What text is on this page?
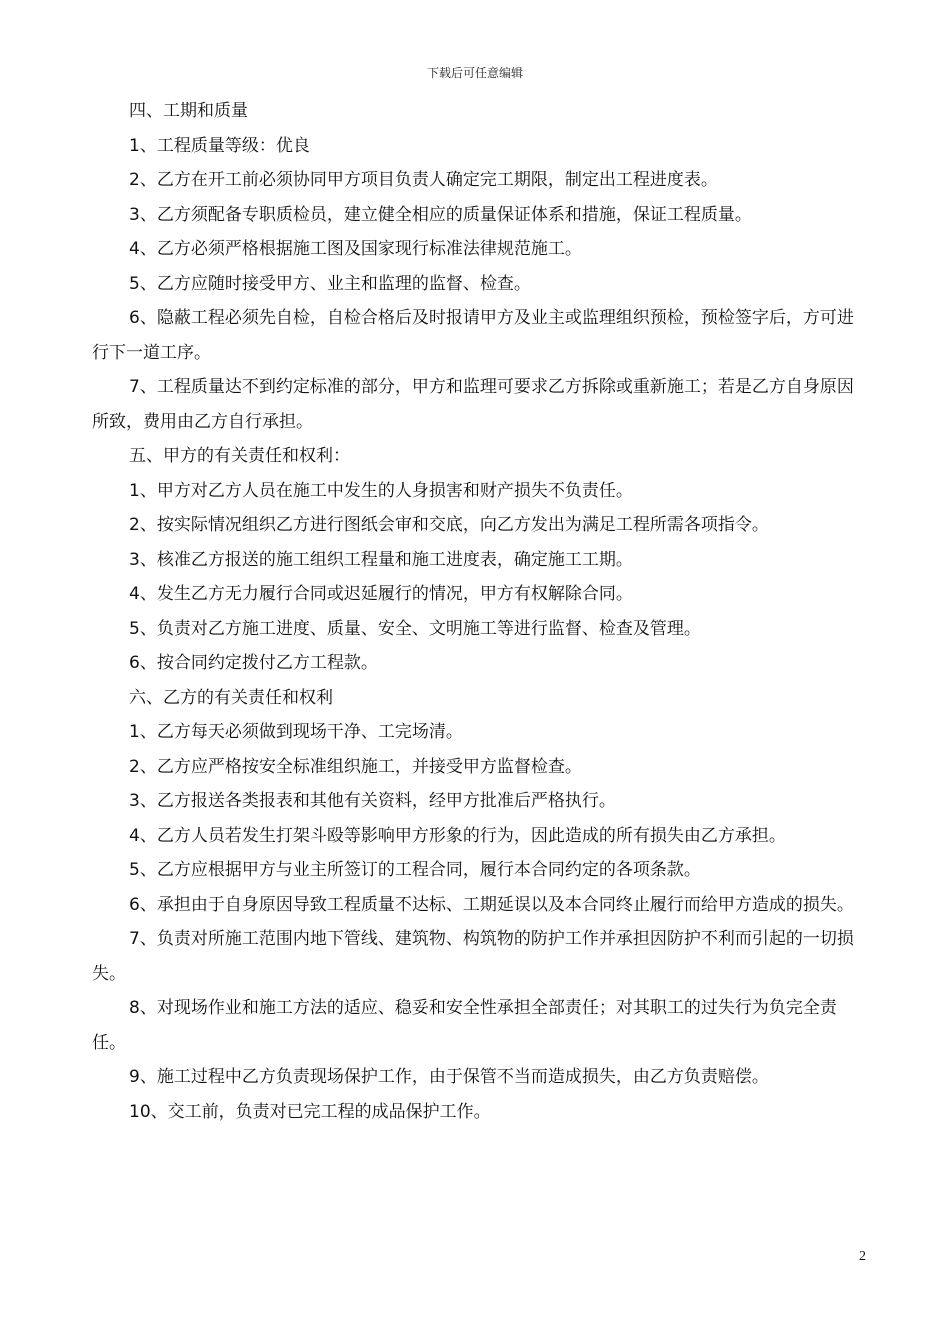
下载后可任意编辑

四、工期和质量

1、工程质量等级：优良

2、乙方在开工前必须协同甲方项目负责人确定完工期限，制定出工程进度表。

3、乙方须配备专职质检员，建立健全相应的质量保证体系和措施，保证工程质量。

4、乙方必须严格根据施工图及国家现行标准法律规范施工。

5、乙方应随时接受甲方、业主和监理的监督、检查。

6、隐蔽工程必须先自检，自检合格后及时报请甲方及业主或监理组织预检，预检签字后，方可进行下一道工序。

7、工程质量达不到约定标准的部分，甲方和监理可要求乙方拆除或重新施工；若是乙方自身原因所致，费用由乙方自行承担。

五、甲方的有关责任和权利：

1、甲方对乙方人员在施工中发生的人身损害和财产损失不负责任。

2、按实际情况组织乙方进行图纸会审和交底，向乙方发出为满足工程所需各项指令。

3、核准乙方报送的施工组织工程量和施工进度表，确定施工工期。

4、发生乙方无力履行合同或迟延履行的情况，甲方有权解除合同。

5、负责对乙方施工进度、质量、安全、文明施工等进行监督、检查及管理。

6、按合同约定拨付乙方工程款。

六、乙方的有关责任和权利

1、乙方每天必须做到现场干净、工完场清。

2、乙方应严格按安全标准组织施工，并接受甲方监督检查。

3、乙方报送各类报表和其他有关资料，经甲方批准后严格执行。

4、乙方人员若发生打架斗殴等影响甲方形象的行为，因此造成的所有损失由乙方承担。

5、乙方应根据甲方与业主所签订的工程合同，履行本合同约定的各项条款。

6、承担由于自身原因导致工程质量不达标、工期延误以及本合同终止履行而给甲方造成的损失。

7、负责对所施工范围内地下管线、建筑物、构筑物的防护工作并承担因防护不利而引起的一切损失。

8、对现场作业和施工方法的适应、稳妥和安全性承担全部责任；对其职工的过失行为负完全责任。

9、施工过程中乙方负责现场保护工作，由于保管不当而造成损失，由乙方负责赔偿。

10、交工前，负责对已完工程的成品保护工作。

2
